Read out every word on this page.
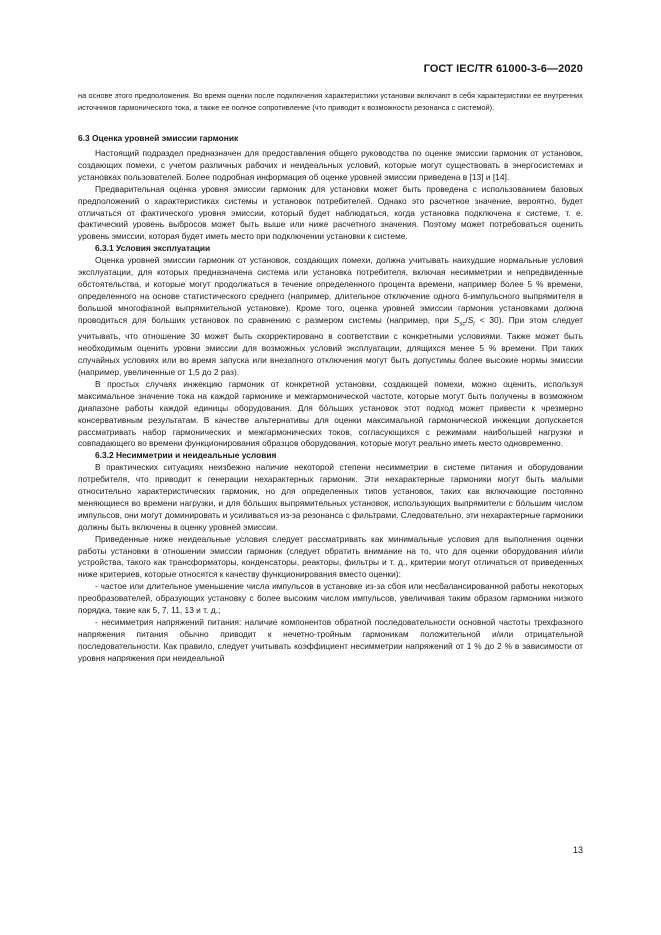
ГОСТ IEC/TR 61000-3-6—2020

на основе этого предположения. Во время оценки после подключения характеристики установки включают в себя характеристики ее внутренних источников гармонического тока, а также ее полное сопротивление (что приводит к возможности резонанса с системой).

6.3 Оценка уровней эмиссии гармоник

Настоящий подраздел предназначен для предоставления общего руководства по оценке эмиссии гармоник от установок, создающих помехи, с учетом различных рабочих и неидеальных условий, которые могут существовать в энергосистемах и установках пользователей. Более подробная информация об оценке уровней эмиссии приведена в [13] и [14].

Предварительная оценка уровня эмиссии гармоник для установки может быть проведена с использованием базовых предположений о характеристиках системы и установок потребителей. Однако это расчетное значение, вероятно, будет отличаться от фактического уровня эмиссии, который будет наблюдаться, когда установка подключена к системе, т. е. фактический уровень выбросов может быть выше или ниже расчетного значения. Поэтому может потребоваться оценить уровень эмиссии, которая будет иметь место при подключении установки к системе.

6.3.1 Условия эксплуатации

Оценка уровней эмиссии гармоник от установок, создающих помехи, должна учитывать наихудшие нормальные условия эксплуатации, для которых предназначена система или установка потребителя, включая несимметрии и непредвиденные обстоятельства, и которые могут продолжаться в течение определенного процента времени, например более 5 % времени, определенного на основе статистического среднего (например, длительное отключение одного 6-импульсного выпрямителя в большой многофазной выпрямительной установке). Кроме того, оценка уровней эмиссии гармоник установками должна проводиться для больших установок по сравнению с размером системы (например, при $S_{sc}/S_i < 30$). При этом следует учитывать, что отношение 30 может быть скорректировано в соответствии с конкретными условиями. Также может быть необходимым оценить уровни эмиссии для возможных условий эксплуатации, длящихся менее 5 % времени. При таких случайных условиях или во время запуска или внезапного отключения могут быть допустимы более высокие нормы эмиссии (например, увеличенные от 1,5 до 2 раз).

В простых случаях инжекцию гармоник от конкретной установки, создающей помехи, можно оценить, используя максимальное значение тока на каждой гармонике и межгармонической частоте, которые могут быть получены в возможном диапазоне работы каждой единицы оборудования. Для бóльших установок этот подход может привести к чрезмерно консервативным результатам. В качестве альтернативы для оценки максимальной гармонической инжекции допускается рассматривать набор гармонических и межгармонических токов, согласующихся с режимами наибольшей нагрузки и совпадающего во времени функционирования образцов оборудования, которые могут реально иметь место одновременно.

6.3.2 Несимметрии и неидеальные условия

В практических ситуациях неизбежно наличие некоторой степени несимметрии в системе питания и оборудовании потребителя, что приводит к генерации нехарактерных гармоник. Эти нехарактерные гармоники могут быть малыми относительно характеристических гармоник, но для определенных типов установок, таких как включающие постоянно меняющиеся во времени нагрузки, и для бóльших выпрямительных установок, использующих выпрямители с бóльшим числом импульсов, они могут доминировать и усиливаться из-за резонанса с фильтрами. Следовательно, эти нехарактерные гармоники должны быть включены в оценку уровней эмиссии.

Приведенные ниже неидеальные условия следует рассматривать как минимальные условия для выполнения оценки работы установки в отношении эмиссии гармоник (следует обратить внимание на то, что для оценки оборудования и/или устройства, такого как трансформаторы, конденсаторы, реакторы, фильтры и т. д., критерии могут отличаться от приведенных ниже критериев, которые относятся к качеству функционирования вместо оценки):

- частое или длительное уменьшение числа импульсов в установке из-за сбоя или несбалансированной работы некоторых преобразователей, образующих установку с более высоким числом импульсов, увеличивая таким образом гармоники низкого порядка, такие как 5, 7, 11, 13 и т. д.;

- несимметрия напряжений питания: наличие компонентов обратной последовательности основной частоты трехфазного напряжения питания обычно приводит к нечетно-тройным гармоникам положительной и/или отрицательной последовательности. Как правило, следует учитывать коэффициент несимметрии напряжений от 1 % до 2 % в зависимости от уровня напряжения при неидеальной

13
